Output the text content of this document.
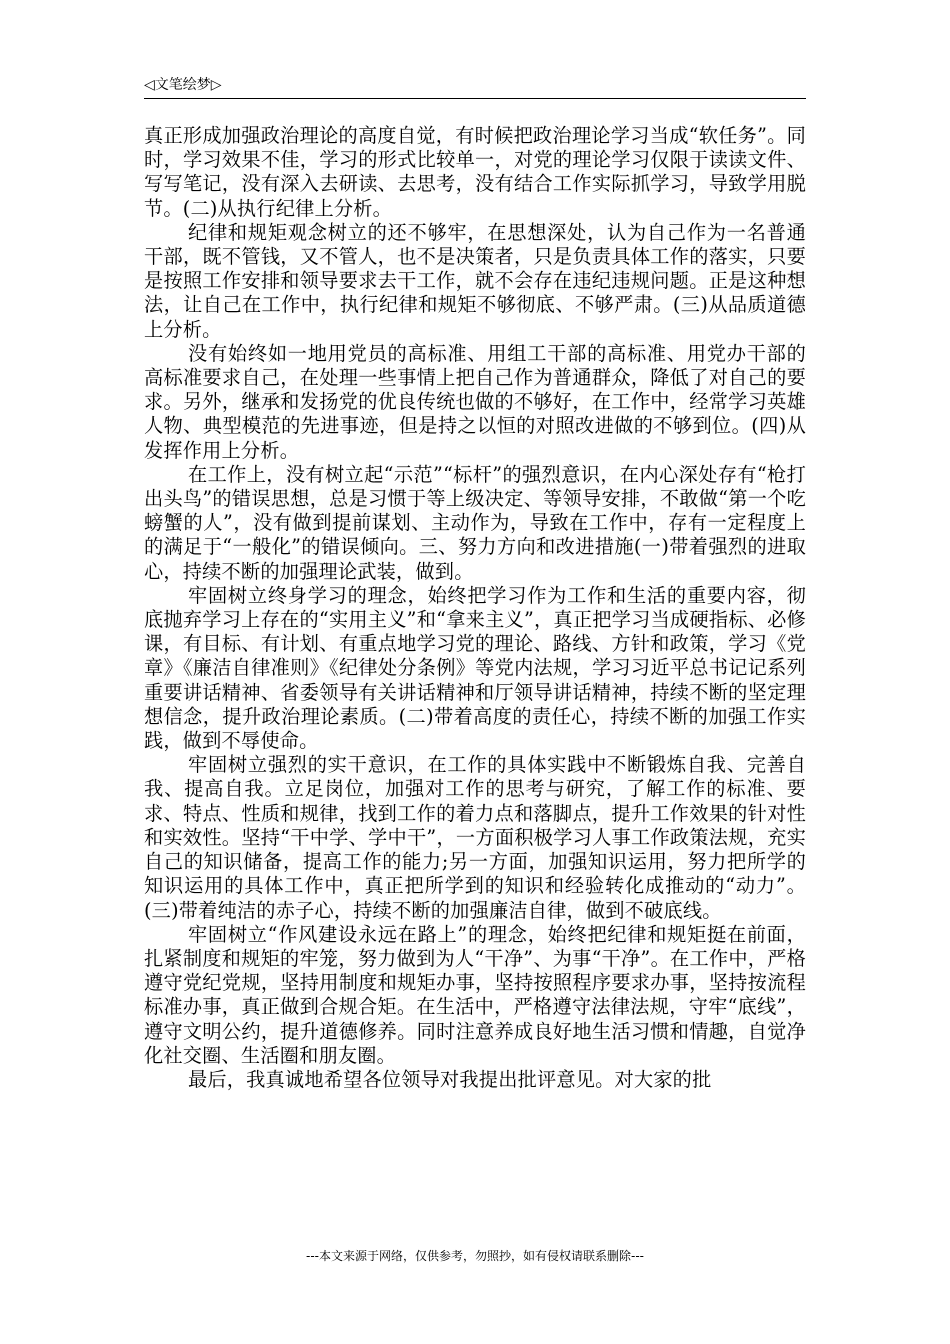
◁文笔绘梦▷

真正形成加强政治理论的高度自觉，有时候把政治理论学习当成“软任务”。同时，学习效果不佳，学习的形式比较单一，对党的理论学习仅限于读读文件、写写笔记，没有深入去研读、去思考，没有结合工作实际抓学习，导致学用脱节。(二)从执行纪律上分析。

纪律和规矩观念树立的还不够牢，在思想深处，认为自己作为一名普通干部，既不管钱，又不管人，也不是决策者，只是负责具体工作的落实，只要是按照工作安排和领导要求去干工作，就不会存在违纪违规问题。正是这种想法，让自己在工作中，执行纪律和规矩不够彻底、不够严肃。(三)从品质道德上分析。

没有始终如一地用党员的高标准、用组工干部的高标准、用党办干部的高标准要求自己，在处理一些事情上把自己作为普通群众，降低了对自己的要求。另外，继承和发扬党的优良传统也做的不够好，在工作中，经常学习英雄人物、典型模范的先进事迹，但是持之以恒的对照改进做的不够到位。(四)从发挥作用上分析。

在工作上，没有树立起“示范”“标杆”的强烈意识，在内心深处存有“枪打出头鸟”的错误思想，总是习惯于等上级决定、等领导安排，不敢做“第一个吃螃蟹的人”，没有做到提前谋划、主动作为，导致在工作中，存有一定程度上的满足于“一般化”的错误倾向。三、努力方向和改进措施(一)带着强烈的进取心，持续不断的加强理论武装，做到。

牢固树立终身学习的理念，始终把学习作为工作和生活的重要内容，彻底抛弃学习上存在的“实用主义”和“拿来主义”，真正把学习当成硬指标、必修课，有目标、有计划、有重点地学习党的理论、路线、方针和政策，学习《党章》《廉洁自律准则》《纪律处分条例》等党内法规，学习习近平总书记记系列重要讲话精神、省委领导有关讲话精神和厅领导讲话精神，持续不断的坚定理想信念，提升政治理论素质。(二)带着高度的责任心，持续不断的加强工作实践，做到不辱使命。

牢固树立强烈的实干意识，在工作的具体实践中不断锻炼自我、完善自我、提高自我。立足岗位，加强对工作的思考与研究，了解工作的标准、要求、特点、性质和规律，找到工作的着力点和落脚点，提升工作效果的针对性和实效性。坚持“干中学、学中干”，一方面积极学习人事工作政策法规，充实自己的知识储备，提高工作的能力;另一方面，加强知识运用，努力把所学的知识运用的具体工作中，真正把所学到的知识和经验转化成推动的“动力”。(三)带着纯洁的赤子心，持续不断的加强廉洁自律，做到不破底线。

牢固树立“作风建设永远在路上”的理念，始终把纪律和规矩挺在前面，扎紧制度和规矩的牢笼，努力做到为人“干净”、为事“干净”。在工作中，严格遵守党纪党规，坚持用制度和规矩办事，坚持按照程序要求办事，坚持按流程标准办事，真正做到合规合矩。在生活中，严格遵守法律法规，守牢“底线”，遵守文明公约，提升道德修养。同时注意养成良好地生活习惯和情趣，自觉净化社交圈、生活圈和朋友圈。

最后，我真诚地希望各位领导对我提出批评意见。对大家的批

---本文来源于网络，仅供参考，勿照抄，如有侵权请联系删除---
